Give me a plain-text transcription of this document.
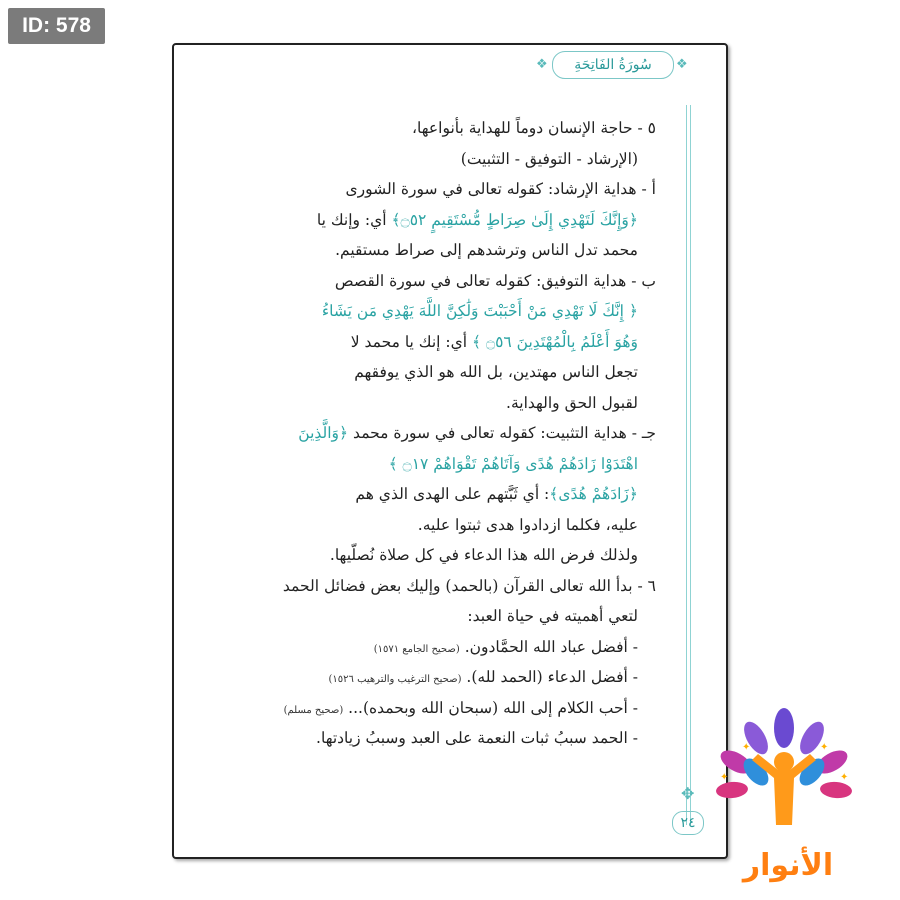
ID: 578
سُورَةُ الفَاتِحَةِ
❖	❖
✥
٢٤
٥ - حاجة الإنسان دوماً للهداية بأنواعها،
(الإرشاد - التوفيق - التثبيت)
أ - هداية الإرشاد: كقوله تعالى في سورة الشورى
﴿وَإِنَّكَ لَتَهْدِي إِلَىٰ صِرَاطٍ مُّسْتَقِيمٍ ۝٥٢﴾ أي: وإنك يا
محمد تدل الناس وترشدهم إلى صراط مستقيم.
ب - هداية التوفيق: كقوله تعالى في سورة القصص
﴿ إِنَّكَ لَا تَهْدِي مَنْ أَحْبَبْتَ وَلَٰكِنَّ اللَّهَ يَهْدِي مَن يَشَاءُ
وَهُوَ أَعْلَمُ بِالْمُهْتَدِينَ ۝٥٦ ﴾ أي: إنك يا محمد لا
تجعل الناس مهتدين، بل الله هو الذي يوفقهم
لقبول الحق والهداية.
جـ - هداية التثبيت: كقوله تعالى في سورة محمد ﴿وَالَّذِينَ
اهْتَدَوْا زَادَهُمْ هُدًى وَآتَاهُمْ تَقْوَاهُمْ ۝١٧ ﴾
﴿زَادَهُمْ هُدًى﴾: أي ثَبَّتهم على الهدى الذي هم
عليه، فكلما ازدادوا هدى ثبتوا عليه.
ولذلك فرض الله هذا الدعاء في كل صلاة نُصلّيها.
٦ - بدأ الله تعالى القرآن (بالحمد) وإليك بعض فضائل الحمد
لتعي أهميته في حياة العبد:
- أفضل عباد الله الحمَّادون. (صحيح الجامع ١٥٧١)
- أفضل الدعاء (الحمد لله). (صحيح الترغيب والترهيب ١٥٢٦)
- أحب الكلام إلى الله (سبحان الله وبحمده)... (صحيح مسلم)
- الحمد سببُ ثبات النعمة على العبد وسببُ زيادتها.
✦	✦
✦	✦
الأنوار
